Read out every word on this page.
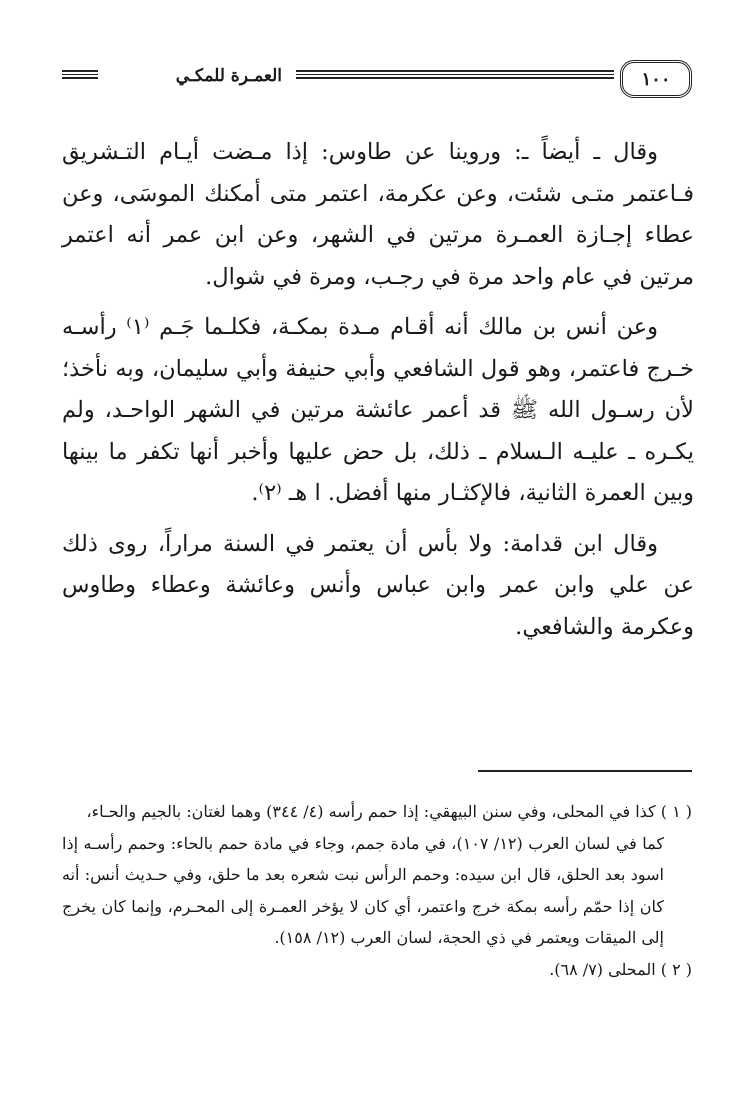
١٠٠
العمـرة للمكـي

وقال ـ أيضاً ـ: وروينا عن طاوس: إذا مـضت أيـام التـشريق فـاعتمر متـى شئت، وعن عكرمة، اعتمر متى أمكنك الموسَى، وعن عطاء إجـازة العمـرة مرتين في الشهر، وعن ابن عمر أنه اعتمر مرتين في عام واحد مرة في رجـب، ومرة في شوال.

وعن أنس بن مالك أنه أقـام مـدة بمكـة، فكلـما جَـم ⁽١⁾ رأسـه خـرج فاعتمر، وهو قول الشافعي وأبي حنيفة وأبي سليمان، وبه نأخذ؛ لأن رسـول الله ﷺ قد أعمر عائشة مرتين في الشهر الواحـد، ولم يكـره ـ عليـه الـسلام ـ ذلك، بل حض عليها وأخبر أنها تكفر ما بينها وبين العمرة الثانية، فالإكثـار منها أفضل. ا هـ ⁽٢⁾.

وقال ابن قدامة: ولا بأس أن يعتمر في السنة مراراً، روى ذلك عن علي وابن عمر وابن عباس وأنس وعائشة وعطاء وطاوس وعكرمة والشافعي.

( ١ ) كذا في المحلى، وفي سنن البيهقي: إذا حمم رأسه (٤/ ٣٤٤) وهما لغتان: بالجيم والحـاء،

كما في لسان العرب (١٢/ ١٠٧)، في مادة جمم، وجاء في مادة حمم بالحاء: وحمم رأسـه إذا اسود بعد الحلق، قال ابن سيده: وحمم الرأس نبت شعره بعد ما حلق، وفي حـديث أنس: أنه كان إذا حمّم رأسه بمكة خرج واعتمر، أي كان لا يؤخر العمـرة إلى المحـرم، وإنما كان يخرج إلى الميقات ويعتمر في ذي الحجة، لسان العرب (١٢/ ١٥٨).

( ٢ ) المحلى (٧/ ٦٨).
